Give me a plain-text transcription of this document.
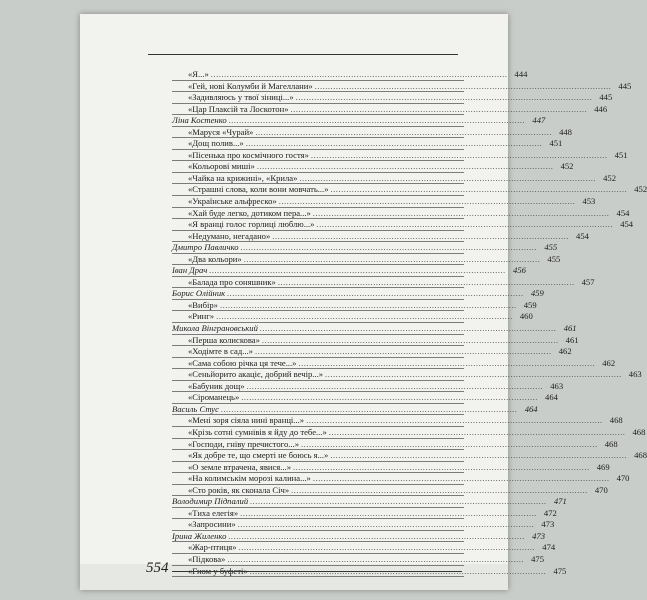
«Я...» .....	444
«Гей, нові Колумби й Магеллани» .....	445
«Задивляюсь у твої зіниці...» .....	445
«Цар Плаксій та Лоскотон» .....	446
Ліна Костенко .....	447
«Маруся «Чурай» .....	448
«Дощ полив...» .....	451
«Пісенька про космічного гостя» .....	451
«Кольорові миші» .....	452
«Чайка на крижині», «Крила» .....	452
«Страшні слова, коли вони мовчать...» .....	452
«Українське альфреско» .....	453
«Хай буде легко, дотиком пера...» .....	454
«Я вранці голос горлиці люблю...» .....	454
«Недумано, негадано» .....	454
Дмитро Павличко .....	455
«Два кольори» .....	455
Іван Драч .....	456
«Балада про соняшник» .....	457
Борис Олійник .....	459
«Вибір» .....	459
«Ринг» .....	460
Микола Вінграновський .....	461
«Перша колискова» .....	461
«Ходімте в сад...» .....	462
«Сама собою річка ця тече...» .....	462
«Сеньйорито акаціє, добрий вечір...» .....	463
«Бабуник дощ» .....	463
«Сіроманець» .....	464
Василь Стус .....	464
«Мені зоря сіяла нині вранці...» .....	468
«Крізь сотні сумнівів я йду до тебе...» .....	468
«Господи, гніву пречистого...» .....	468
«Як добре те, що смерті не боюсь я...» .....	468
«О земле втрачена, явися...» .....	469
«На колимськім морозі калина...» .....	470
«Сто років, як сконала Січ» .....	470
Володимир Підпалий .....	471
«Тиха елегія» .....	472
«Запросини» .....	473
Ірина Жиленко .....	473
«Жар-птиця» .....	474
«Підкова» .....	475
«Гном у буфеті» .....	475
554
